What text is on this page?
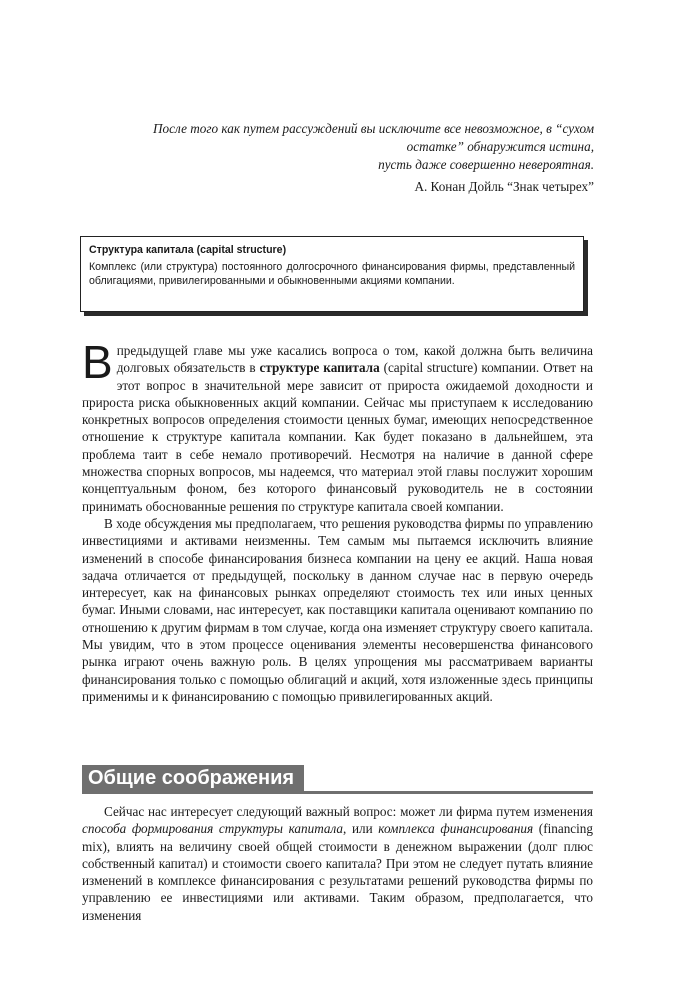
После того как путем рассуждений вы исключите все невозможное, в “сухом
остатке” обнаружится истина,
пусть даже совершенно невероятная.
А. Конан Дойль “Знак четырех”
Структура капитала (capital structure)
Комплекс (или структура) постоянного долгосрочного финансирования фирмы, представленный облигациями, привилегированными и обыкновенными акциями компании.

Впредыдущей главе мы уже касались вопроса о том, какой должна быть величина долговых обязательств в структуре капитала (capital structure) компании. Ответ на этот вопрос в значительной мере зависит от прироста ожидаемой доходности и прироста риска обыкновенных акций компании. Сейчас мы приступаем к исследованию конкретных вопросов определения стоимости ценных бумаг, имеющих непосредственное отношение к структуре капитала компании. Как будет показано в дальнейшем, эта проблема таит в себе немало противоречий. Несмотря на наличие в данной сфере множества спорных вопросов, мы надеемся, что материал этой главы послужит хорошим концептуальным фоном, без которого финансовый руководитель не в состоянии принимать обоснованные решения по структуре капитала своей компании.

В ходе обсуждения мы предполагаем, что решения руководства фирмы по управлению инвестициями и активами неизменны. Тем самым мы пытаемся исключить влияние изменений в способе финансирования бизнеса компании на цену ее акций. Наша новая задача отличается от предыдущей, поскольку в данном случае нас в первую очередь интересует, как на финансовых рынках определяют стоимость тех или иных ценных бумаг. Иными словами, нас интересует, как поставщики капитала оценивают компанию по отношению к другим фирмам в том случае, когда она изменяет структуру своего капитала. Мы увидим, что в этом процессе оценивания элементы несовершенства финансового рынка играют очень важную роль. В целях упрощения мы рассматриваем варианты финансирования только с помощью облигаций и акций, хотя изложенные здесь принципы применимы и к финансированию с помощью привилегированных акций.

Общие соображения

Сейчас нас интересует следующий важный вопрос: может ли фирма путем изменения способа формирования структуры капитала, или комплекса финансирования (financing mix), влиять на величину своей общей стоимости в денежном выражении (долг плюс собственный капитал) и стоимости своего капитала? При этом не следует путать влияние изменений в комплексе финансирования с результатами решений руководства фирмы по управлению ее инвестициями или активами. Таким образом, предполагается, что изменения
